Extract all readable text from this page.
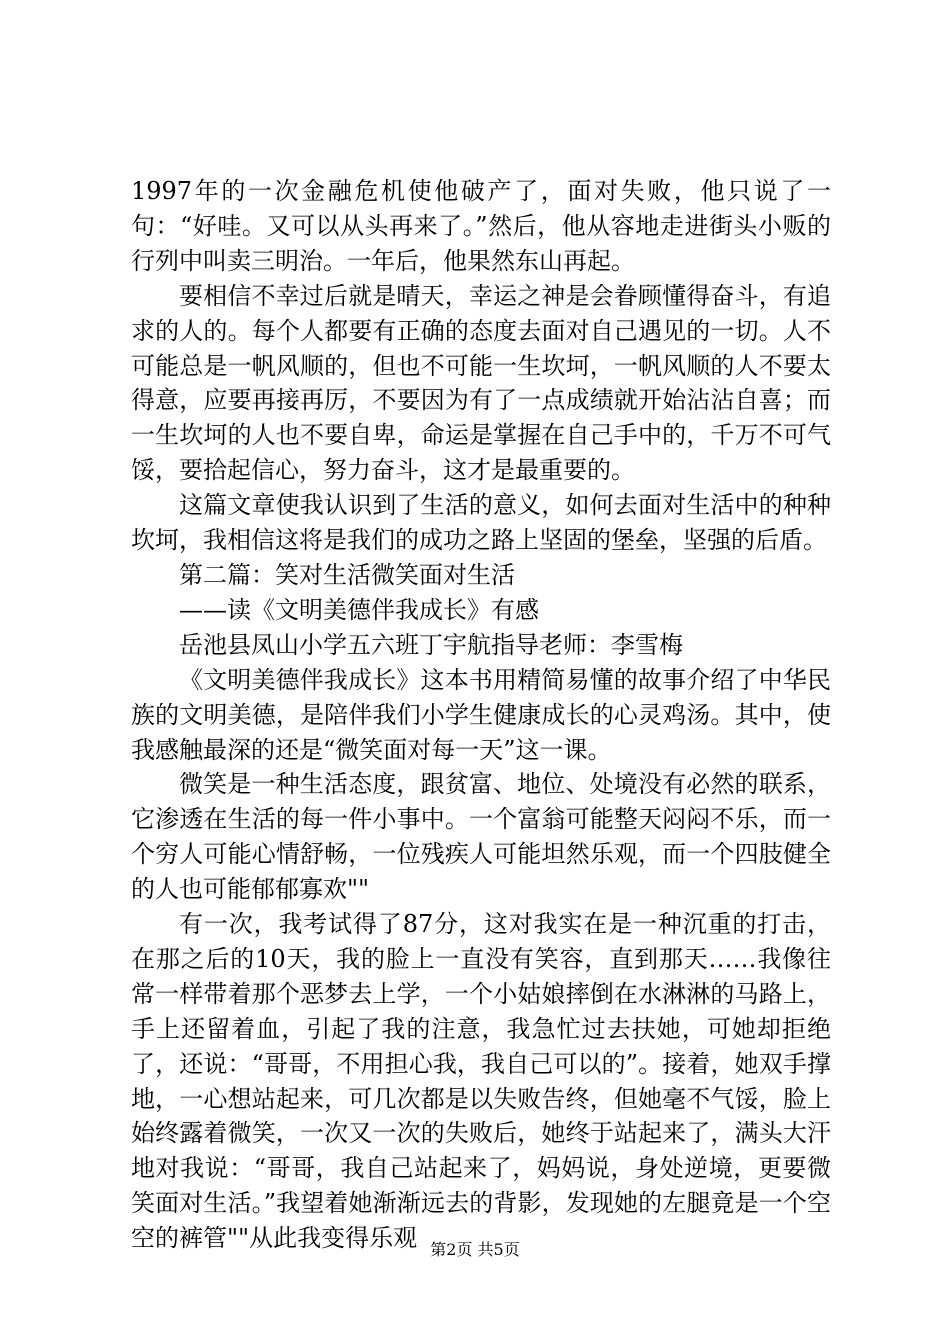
1997年的一次金融危机使他破产了，面对失败，他只说了一句：“好哇。又可以从头再来了。”然后，他从容地走进街头小贩的行列中叫卖三明治。一年后，他果然东山再起。

要相信不幸过后就是晴天，幸运之神是会眷顾懂得奋斗，有追求的人的。每个人都要有正确的态度去面对自己遇见的一切。人不可能总是一帆风顺的，但也不可能一生坎坷，一帆风顺的人不要太得意，应要再接再厉，不要因为有了一点成绩就开始沾沾自喜；而一生坎坷的人也不要自卑，命运是掌握在自己手中的，千万不可气馁，要拾起信心，努力奋斗，这才是最重要的。

这篇文章使我认识到了生活的意义，如何去面对生活中的种种坎坷，我相信这将是我们的成功之路上坚固的堡垒，坚强的后盾。

第二篇：笑对生活微笑面对生活

——读《文明美德伴我成长》有感

岳池县凤山小学五六班丁宇航指导老师：李雪梅

《文明美德伴我成长》这本书用精简易懂的故事介绍了中华民族的文明美德，是陪伴我们小学生健康成长的心灵鸡汤。其中，使我感触最深的还是“微笑面对每一天”这一课。

微笑是一种生活态度，跟贫富、地位、处境没有必然的联系，它渗透在生活的每一件小事中。一个富翁可能整天闷闷不乐，而一个穷人可能心情舒畅，一位残疾人可能坦然乐观，而一个四肢健全的人也可能郁郁寡欢""

有一次，我考试得了87分，这对我实在是一种沉重的打击，在那之后的10天，我的脸上一直没有笑容，直到那天……我像往常一样带着那个恶梦去上学，一个小姑娘摔倒在水淋淋的马路上，手上还留着血，引起了我的注意，我急忙过去扶她，可她却拒绝了，还说：“哥哥，不用担心我，我自己可以的”。接着，她双手撑地，一心想站起来，可几次都是以失败告终，但她毫不气馁，脸上始终露着微笑，一次又一次的失败后，她终于站起来了，满头大汗地对我说：“哥哥，我自己站起来了，妈妈说，身处逆境，更要微笑面对生活。”我望着她渐渐远去的背影，发现她的左腿竟是一个空空的裤管""从此我变得乐观 第2页 共5页
